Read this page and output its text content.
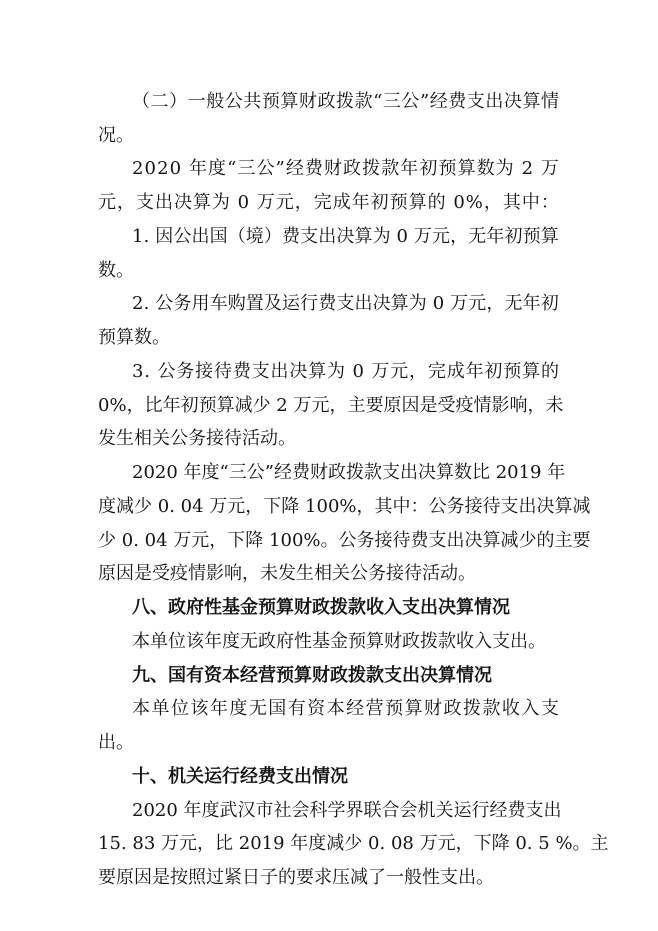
（ 二 ） 一 般 公 共 预 算 财 政 拨 款 “ 三 公 ” 经 费 支 出 决 算 情
况。
2 0 2 0
年 度 “ 三 公 ” 经 费 财 政 拨 款 年 初 预 算 数 为
2
万
元 ， 支 出 决 算 为
0
万 元 ， 完 成 年 初 预 算 的
0 % ， 其 中 ：
1 .
因 公 出 国 （ 境 ） 费 支 出 决 算 为
0
万 元 ， 无 年 初 预 算
数。
2 .
公 务 用 车 购 置 及 运 行 费 支 出 决 算 为
0
万 元 ， 无 年 初
预算数。
3 .
公 务 接 待 费 支 出 决 算 为
0
万 元 ， 完 成 年 初 预 算 的
0 % ， 比 年 初 预 算 减 少
2
万 元 ， 主 要 原 因 是 受 疫 情 影 响 ， 未
发生相关公务接待活动。
2 0 2 0
年 度 “ 三 公 ” 经 费 财 政 拨 款 支 出 决 算 数 比
2 0 1 9
年
度 减 少
0 .
0 4
万 元 ， 下 降
1 0 0 % ， 其 中 ： 公 务 接 待 支 出 决 算 减
少
0 .
0 4
万 元 ， 下 降
1 0 0 % 。 公 务 接 待 费 支 出 决 算 减 少 的 主 要
原因是受疫情影响，未发生相关公务接待活动。
八、政府性基金预算财政拨款收入支出决算情况
本单位该年度无政府性基金预算财政拨款收入支出。
九、国有资本经营预算财政拨款支出决算情况
本 单 位 该 年 度 无 国 有 资 本 经 营 预 算 财 政 拨 款 收 入 支
出。
十、机关运行经费支出情况
2 0 2 0
年 度 武 汉 市 社 会 科 学 界 联 合 会 机 关 运 行 经 费 支 出
1 5 .
8 3
万 元 ， 比
2 0 1 9
年 度 减 少
0 .
0 8
万 元 ， 下 降
0 .
5
% 。 主
要原因是按照过紧日子的要求压减了一般性支出。
